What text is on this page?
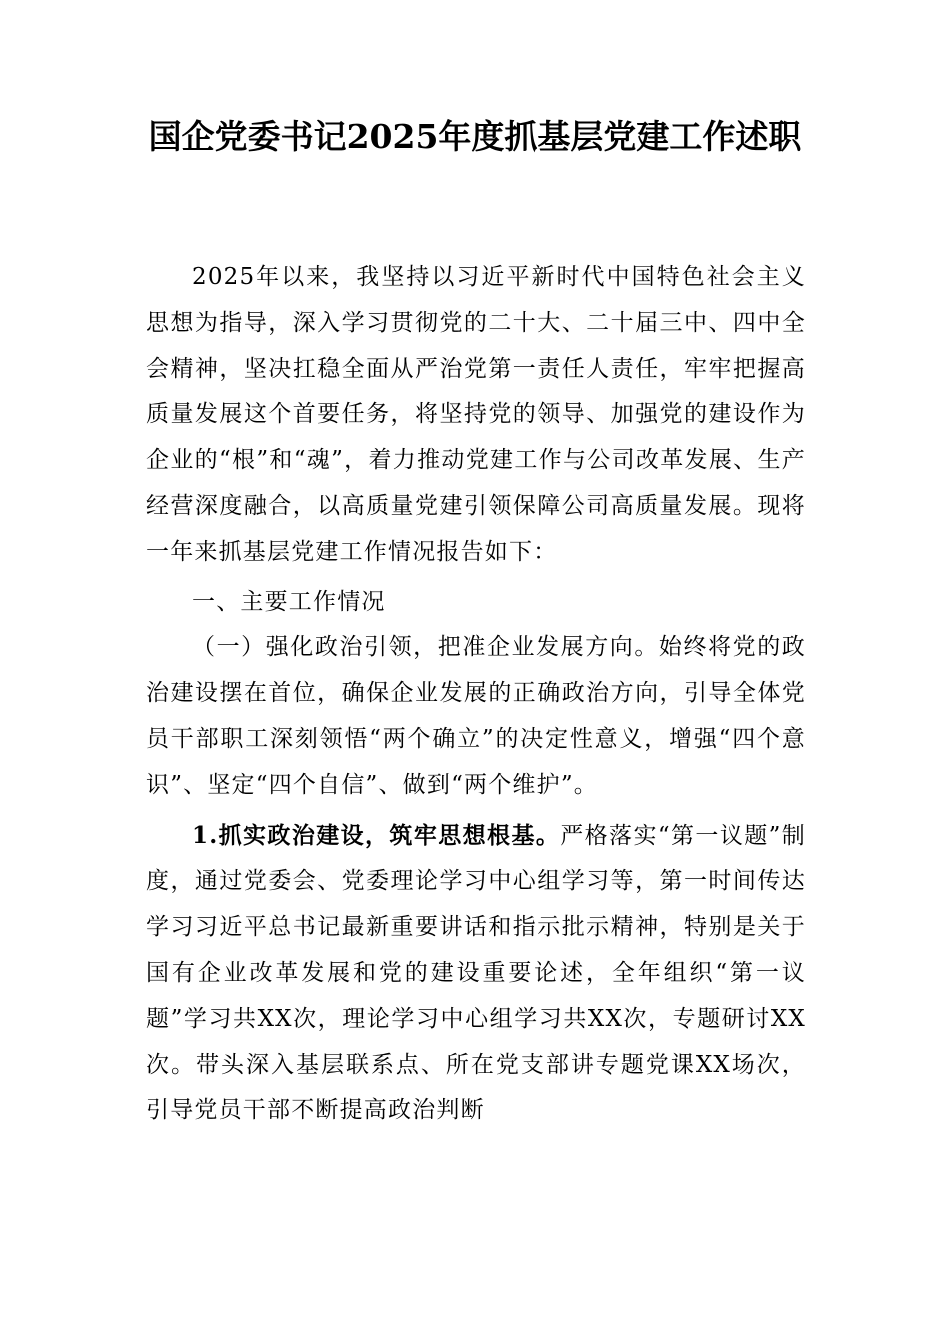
国企党委书记2025年度抓基层党建工作述职

2025年以来，我坚持以习近平新时代中国特色社会主义思想为指导，深入学习贯彻党的二十大、二十届三中、四中全会精神，坚决扛稳全面从严治党第一责任人责任，牢牢把握高质量发展这个首要任务，将坚持党的领导、加强党的建设作为企业的“根”和“魂”，着力推动党建工作与公司改革发展、生产经营深度融合，以高质量党建引领保障公司高质量发展。现将一年来抓基层党建工作情况报告如下：

一、主要工作情况

（一）强化政治引领，把准企业发展方向。始终将党的政治建设摆在首位，确保企业发展的正确政治方向，引导全体党员干部职工深刻领悟“两个确立”的决定性意义，增强“四个意识”、坚定“四个自信”、做到“两个维护”。

1.抓实政治建设，筑牢思想根基。严格落实“第一议题”制度，通过党委会、党委理论学习中心组学习等，第一时间传达学习习近平总书记最新重要讲话和指示批示精神，特别是关于国有企业改革发展和党的建设重要论述，全年组织“第一议题”学习共XX次，理论学习中心组学习共XX次，专题研讨XX次。带头深入基层联系点、所在党支部讲专题党课XX场次，引导党员干部不断提高政治判断
